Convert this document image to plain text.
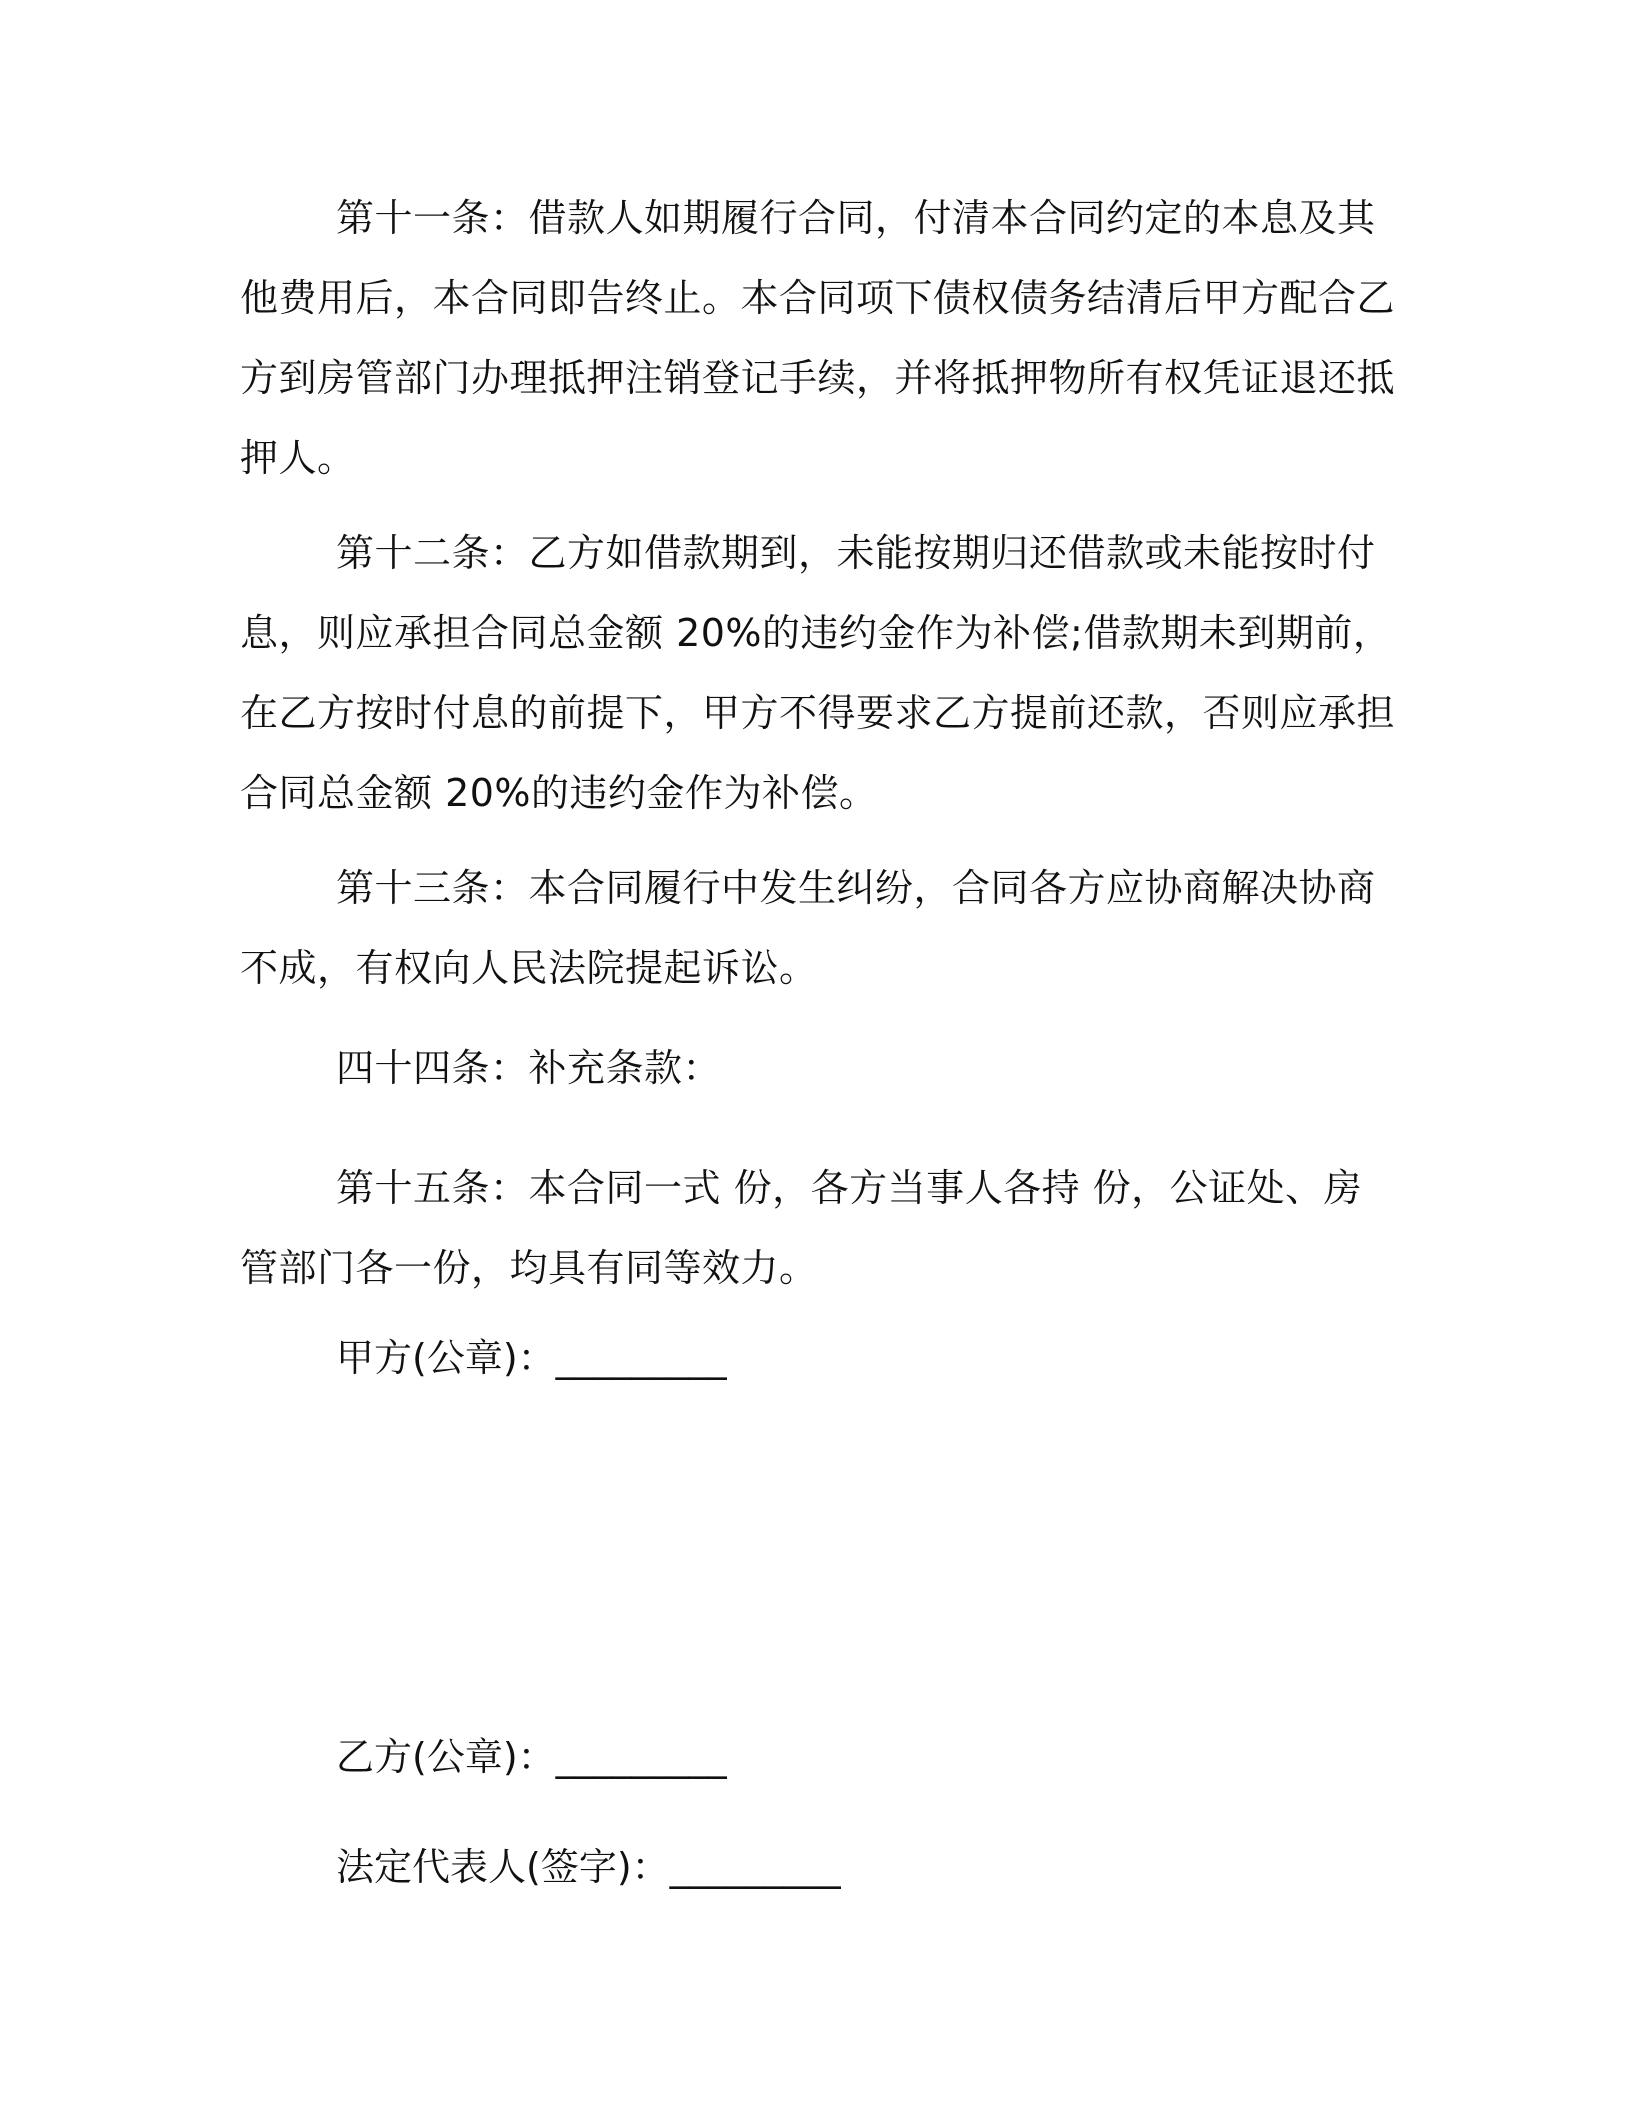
第十一条：借款人如期履行合同，付清本合同约定的本息及其他费用后，本合同即告终止。本合同项下债权债务结清后甲方配合乙方到房管部门办理抵押注销登记手续，并将抵押物所有权凭证退还抵押人。

第十二条：乙方如借款期到，未能按期归还借款或未能按时付息，则应承担合同总金额 20%的违约金作为补偿;借款期未到期前，在乙方按时付息的前提下，甲方不得要求乙方提前还款，否则应承担合同总金额 20%的违约金作为补偿。

第十三条：本合同履行中发生纠纷，合同各方应协商解决协商不成，有权向人民法院提起诉讼。

四十四条：补充条款：

第十五条：本合同一式 份，各方当事人各持 份，公证处、房管部门各一份，均具有同等效力。

甲方(公章)：_________

乙方(公章)：_________

法定代表人(签字)：_________
